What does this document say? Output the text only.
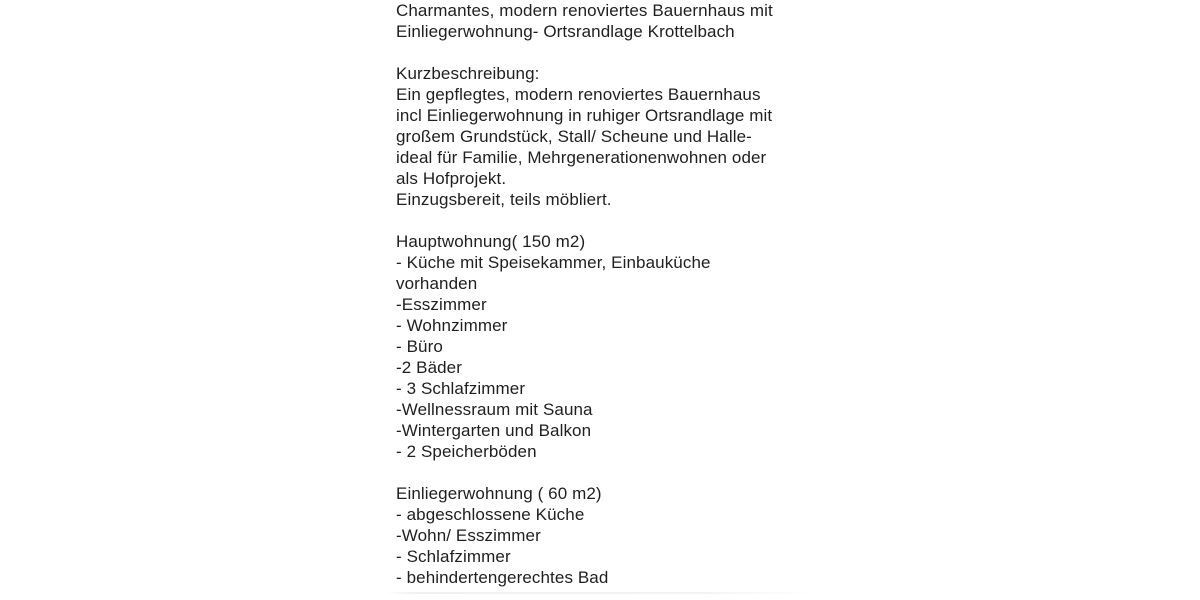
Charmantes, modern renoviertes Bauernhaus mit

Einliegerwohnung- Ortsrandlage Krottelbach

Kurzbeschreibung:

Ein gepflegtes, modern renoviertes Bauernhaus

incl Einliegerwohnung in ruhiger Ortsrandlage mit

großem Grundstück, Stall/ Scheune und Halle-

ideal für Familie, Mehrgenerationenwohnen oder

als Hofprojekt.

Einzugsbereit, teils möbliert.

Hauptwohnung( 150 m2)

- Küche mit Speisekammer, Einbauküche

vorhanden

-Esszimmer

- Wohnzimmer

- Büro

-2 Bäder

- 3 Schlafzimmer

-Wellnessraum mit Sauna

-Wintergarten und Balkon

- 2 Speicherböden

Einliegerwohnung ( 60 m2)

- abgeschlossene Küche

-Wohn/ Esszimmer

- Schlafzimmer

- behindertengerechtes Bad
